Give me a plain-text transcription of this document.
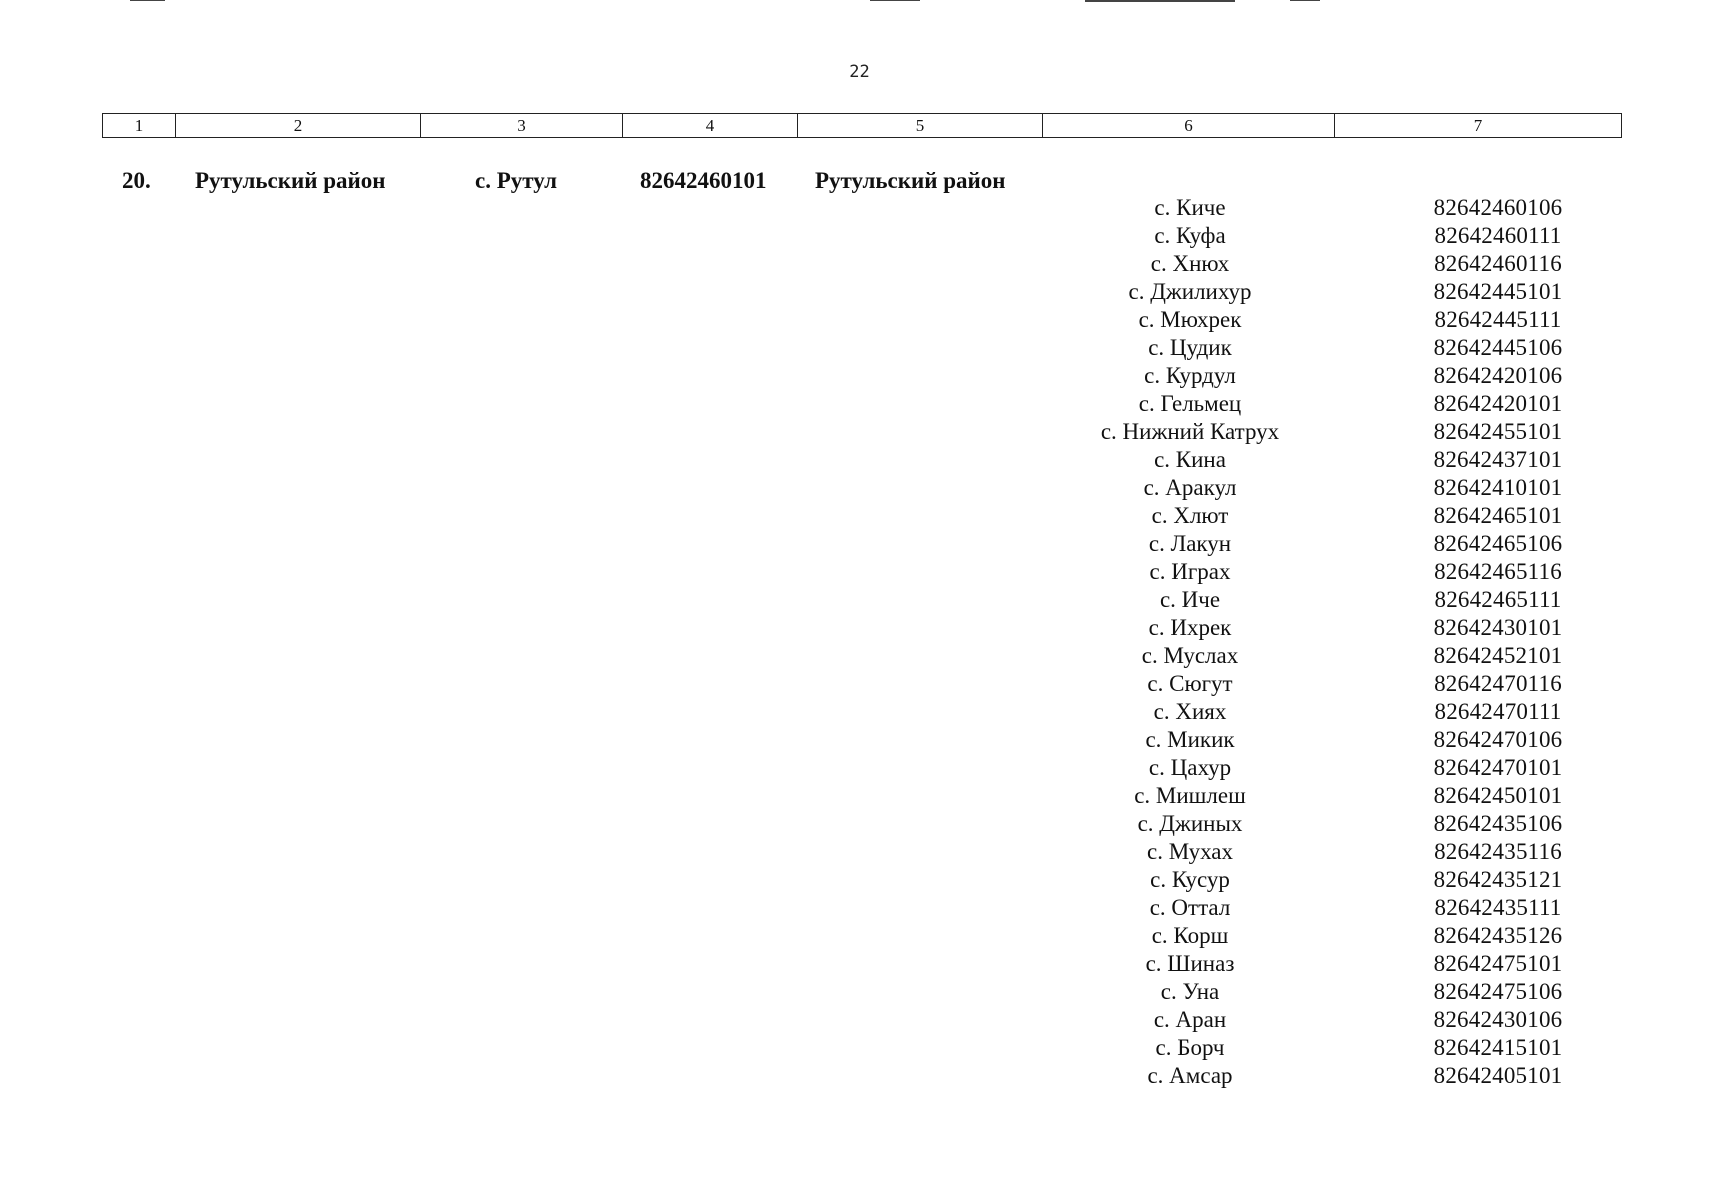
22
1	2	3	4	5	6	7
20. Рутульский район	с. Рутул	82642460101 Рутульский район
с. Киче	82642460106
с. Куфа	82642460111
с. Хнюх	82642460116
с. Джилихур	82642445101
с. Мюхрек	82642445111
с. Цудик	82642445106
с. Курдул	82642420106
с. Гельмец	82642420101
с. Нижний Катрух	82642455101
с. Кина	82642437101
с. Аракул	82642410101
с. Хлют	82642465101
с. Лакун	82642465106
с. Играх	82642465116
с. Иче	82642465111
с. Ихрек	82642430101
с. Муслах	82642452101
с. Сюгут	82642470116
с. Хиях	82642470111
с. Микик	82642470106
с. Цахур	82642470101
с. Мишлеш	82642450101
с. Джиных	82642435106
с. Мухах	82642435116
с. Кусур	82642435121
с. Оттал	82642435111
с. Корш	82642435126
с. Шиназ	82642475101
с. Уна	82642475106
с. Аран	82642430106
с. Борч	82642415101
с. Амсар	82642405101
